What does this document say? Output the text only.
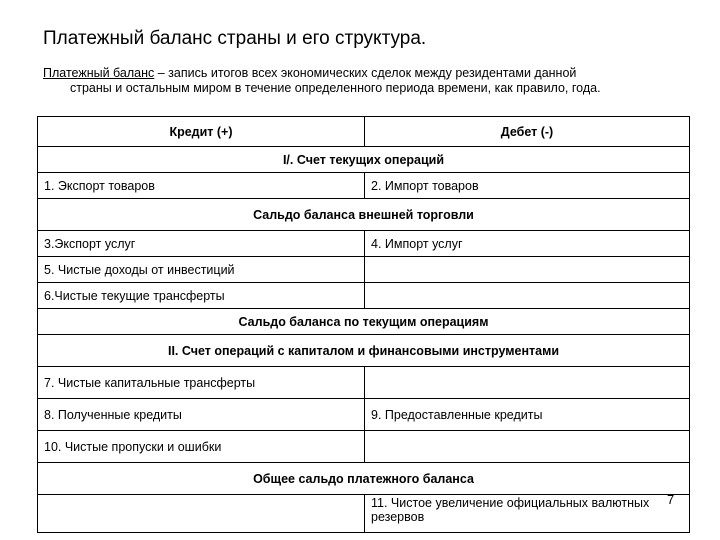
Платежный баланс страны и его структура.
Платежный баланс – запись итогов всех экономических сделок между резидентами данной
страны и остальным миром в течение определенного периода времени, как правило, года.
Кредит (+)	Дебет (-)
I/. Счет текущих операций	
1. Экспорт товаров	2. Импорт товаров
Сальдо баланса внешней торговли	
3.Экспорт услуг	4. Импорт услуг
5. Чистые доходы от инвестиций	
6.Чистые текущие трансферты	
Сальдо баланса по текущим операциям	
II. Счет операций с капиталом и финансовыми инструментами	
7. Чистые капитальные трансферты	
8. Полученные кредиты	9. Предоставленные кредиты
10. Чистые пропуски и ошибки	
Общее сальдо платежного баланса	
	11. Чистое увеличение официальных валютных резервов
7
